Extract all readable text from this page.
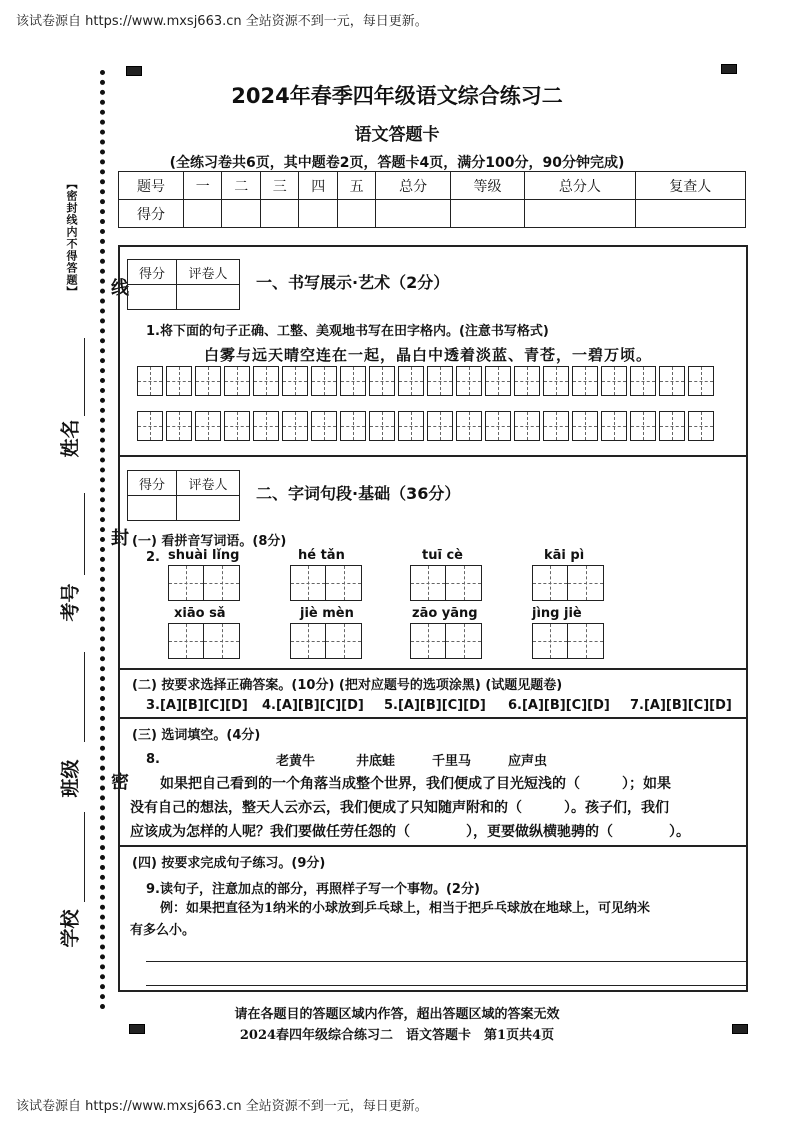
该试卷源自 https://www.mxsj663.cn 全站资源不到一元，每日更新。
该试卷源自 https://www.mxsj663.cn 全站资源不到一元，每日更新。
【密封线内不得答题】 线
封
密
姓名
考号
班级
学校
2024年春季四年级语文综合练习二
语文答题卡
(全练习卷共6页，其中题卷2页，答题卡4页，满分100分，90分钟完成)
题号	一	二	三	四	五	总分	等级	总分人	复查人
得分									
得分	评卷人
	一、书写展示·艺术（2分）
1.将下面的句子正确、工整、美观地书写在田字格内。(注意书写格式)
白雾与远天晴空连在一起，晶白中透着淡蓝、青苍，一碧万顷。
得分	评卷人
	二、字词句段·基础（36分）
(一) 看拼音写词语。(8分)
2. shuài lǐng	hé tǎn	tuī cè	kāi pì
xiāo sǎ	jiè mèn	zāo yāng	jìng jiè
(二) 按要求选择正确答案。(10分) (把对应题号的选项涂黑) (试题见题卷)
3.[A][B][C][D] 4.[A][B][C][D] 5.[A][B][C][D] 6.[A][B][C][D] 7.[A][B][C][D]
(三) 选词填空。(4分)
8.	老黄牛	井底蛙	千里马	应声虫
如果把自己看到的一个角落当成整个世界，我们便成了目光短浅的（　　　）；如果
没有自己的想法，整天人云亦云，我们便成了只知随声附和的（　　　）。孩子们，我们
应该成为怎样的人呢？我们要做任劳任怨的（　　　　），更要做纵横驰骋的（　　　　）。
(四) 按要求完成句子练习。(9分)
9.读句子，注意加点的部分，再照样子写一个事物。(2分)
例：如果把直径为1纳米的小球放到乒乓球上，相当于把乒乓球放在地球上，可见纳米
有多么小。
请在各题目的答题区域内作答，超出答题区域的答案无效
2024春四年级综合练习二　语文答题卡　第1页共4页
